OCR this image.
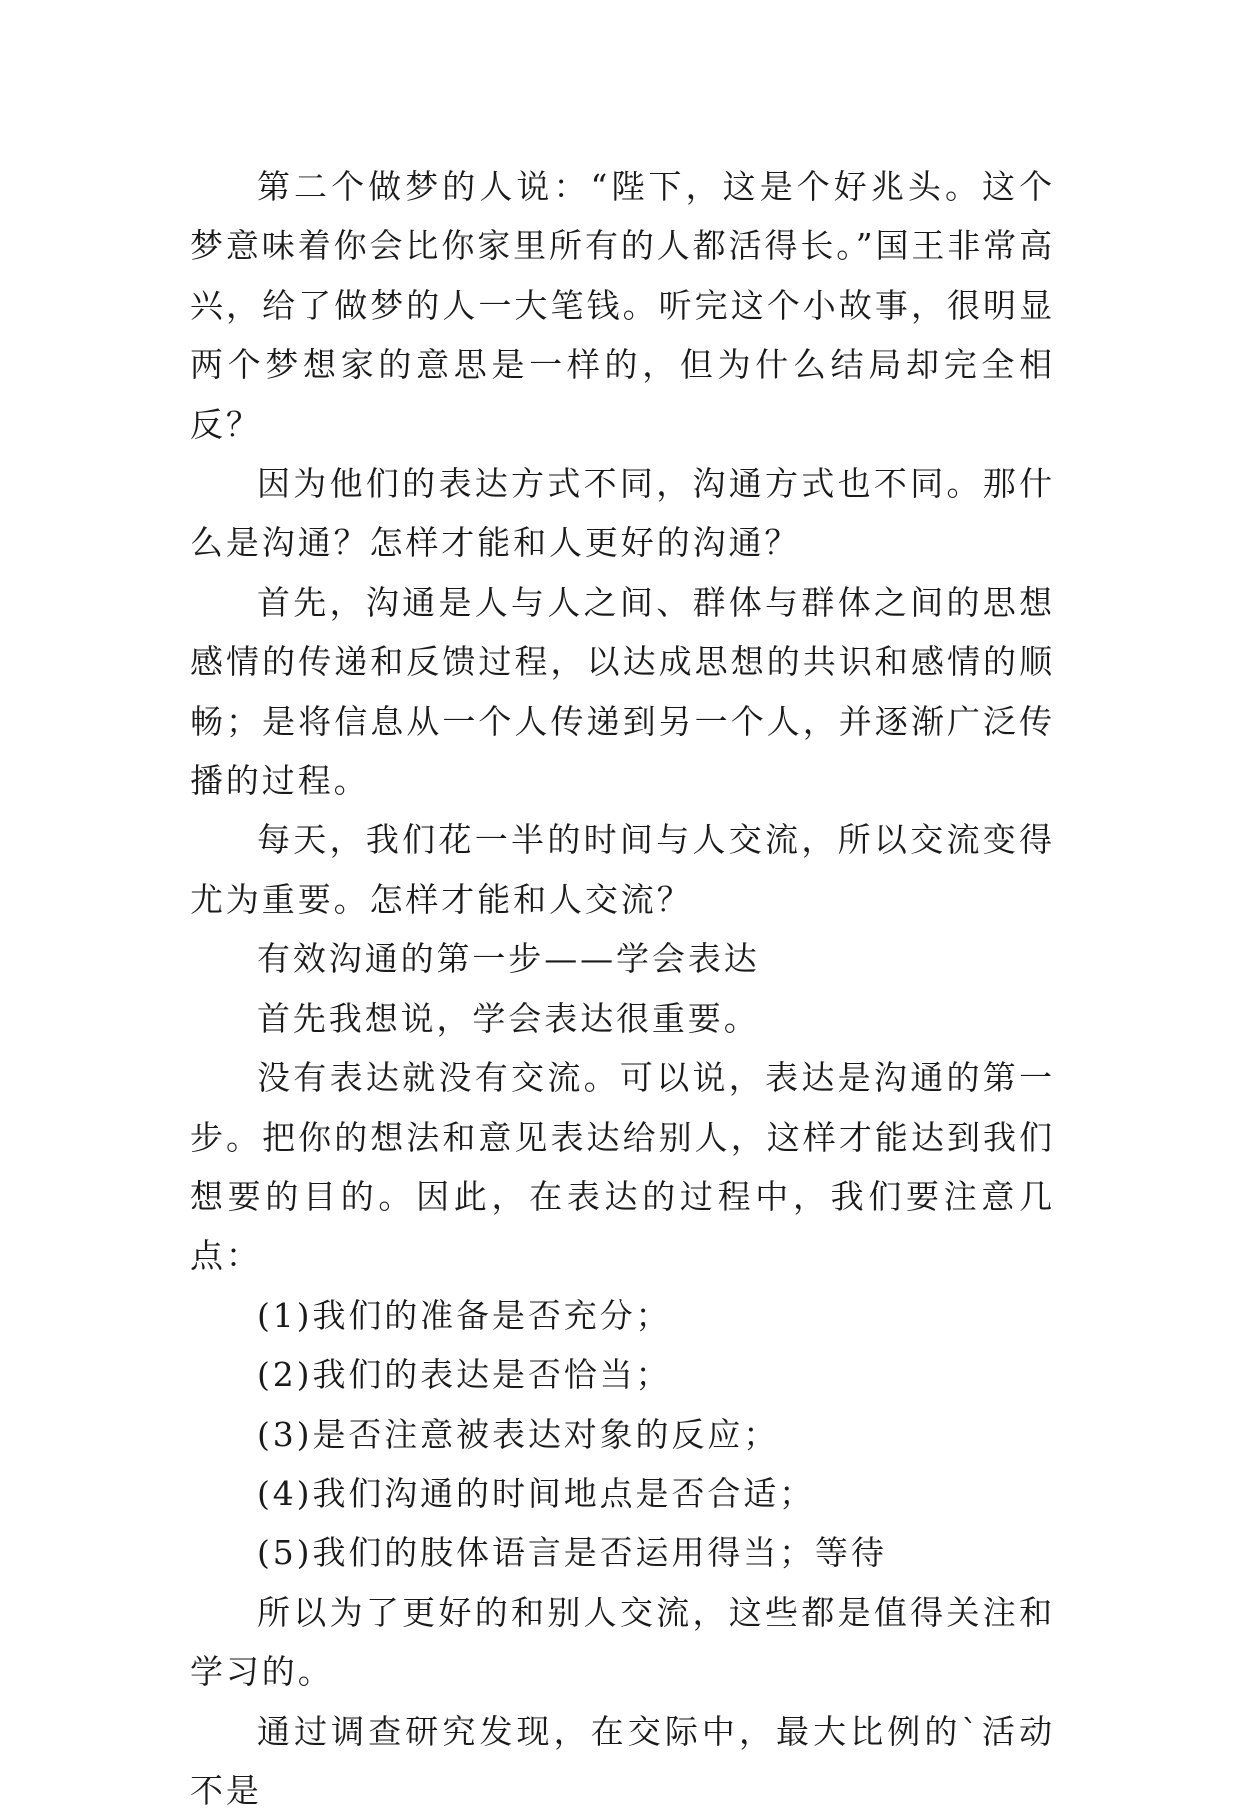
第二个做梦的人说：“陛下，这是个好兆头。这个梦意味着你会比你家里所有的人都活得长。”国王非常高兴，给了做梦的人一大笔钱。听完这个小故事，很明显两个梦想家的意思是一样的，但为什么结局却完全相反？

因为他们的表达方式不同，沟通方式也不同。那什么是沟通？怎样才能和人更好的沟通？

首先，沟通是人与人之间、群体与群体之间的思想感情的传递和反馈过程，以达成思想的共识和感情的顺畅；是将信息从一个人传递到另一个人，并逐渐广泛传播的过程。

每天，我们花一半的时间与人交流，所以交流变得尤为重要。怎样才能和人交流？

有效沟通的第一步——学会表达

首先我想说，学会表达很重要。

没有表达就没有交流。可以说，表达是沟通的第一步。把你的想法和意见表达给别人，这样才能达到我们想要的目的。因此，在表达的过程中，我们要注意几点：

(1)我们的准备是否充分；

(2)我们的表达是否恰当；

(3)是否注意被表达对象的反应；

(4)我们沟通的时间地点是否合适；

(5)我们的肢体语言是否运用得当；等待

所以为了更好的和别人交流，这些都是值得关注和学习的。

通过调查研究发现，在交际中，最大比例的`活动不是
